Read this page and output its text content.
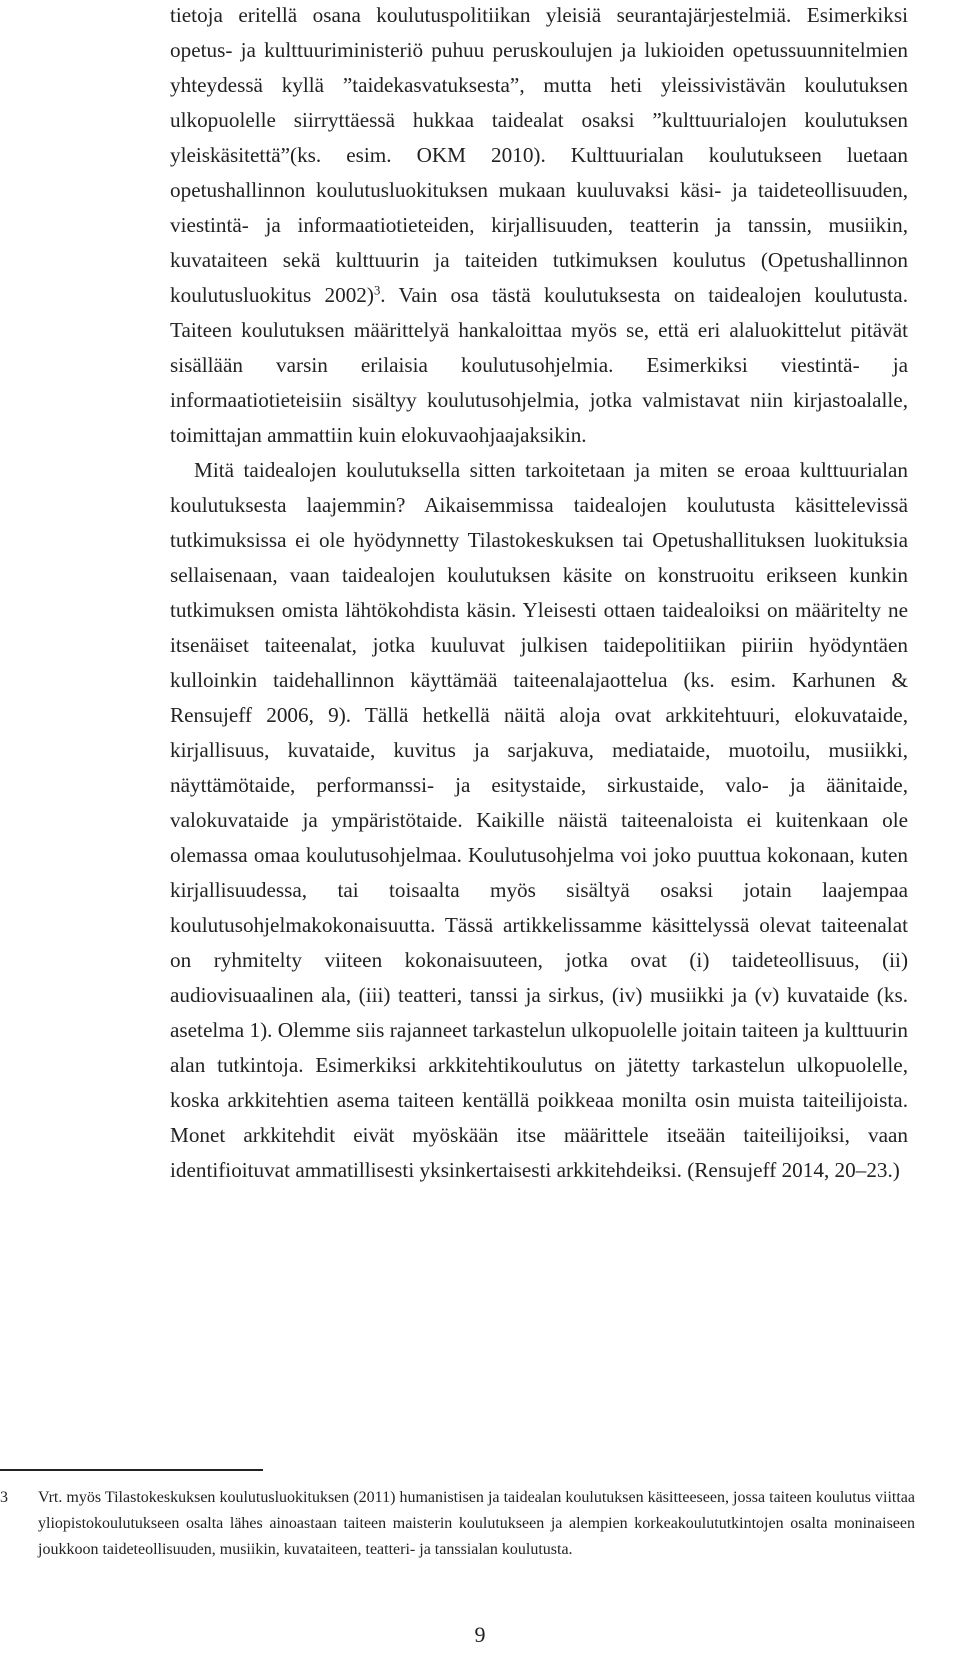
tietoja eritellä osana koulutuspolitiikan yleisiä seurantajärjestelmiä. Esimerkiksi opetus- ja kulttuuriministeriö puhuu peruskoulujen ja lukioiden opetussuunnitelmien yhteydessä kyllä ”taidekasvatuksesta”, mutta heti yleissivistävän koulutuksen ulkopuolelle siirryttäessä hukkaa taidealat osaksi ”kulttuurialojen koulutuksen yleiskäsitettä”(ks. esim. OKM 2010). Kulttuurialan koulutukseen luetaan opetushallinnon koulutusluokituksen mukaan kuuluvaksi käsi- ja taideteollisuuden, viestintä- ja informaatiotieteiden, kirjallisuuden, teatterin ja tanssin, musiikin, kuvataiteen sekä kulttuurin ja taiteiden tutkimuksen koulutus (Opetushallinnon koulutusluokitus 2002)$^3$. Vain osa tästä koulutuksesta on taidealojen koulutusta. Taiteen koulutuksen määrittelyä hankaloittaa myös se, että eri alaluokittelut pitävät sisällään varsin erilaisia koulutusohjelmia. Esimerkiksi viestintä- ja informaatiotieteisiin sisältyy koulutusohjelmia, jotka valmistavat niin kirjastoalalle, toimittajan ammattiin kuin elokuvaohjaajaksikin.

Mitä taidealojen koulutuksella sitten tarkoitetaan ja miten se eroaa kulttuurialan koulutuksesta laajemmin? Aikaisemmissa taidealojen koulutusta käsittelevissä tutkimuksissa ei ole hyödynnetty Tilastokeskuksen tai Opetushallituksen luokituksia sellaisenaan, vaan taidealojen koulutuksen käsite on konstruoitu erikseen kunkin tutkimuksen omista lähtökohdista käsin. Yleisesti ottaen taidealoiksi on määritelty ne itsenäiset taiteenalat, jotka kuuluvat julkisen taidepolitiikan piiriin hyödyntäen kulloinkin taidehallinnon käyttämää taiteenalajaottelua (ks. esim. Karhunen & Rensujeff 2006, 9). Tällä hetkellä näitä aloja ovat arkkitehtuuri, elokuvataide, kirjallisuus, kuvataide, kuvitus ja sarjakuva, mediataide, muotoilu, musiikki, näyttämötaide, performanssi- ja esitystaide, sirkustaide, valo- ja äänitaide, valokuvataide ja ympäristötaide. Kaikille näistä taiteenaloista ei kuitenkaan ole olemassa omaa koulutusohjelmaa. Koulutusohjelma voi joko puuttua kokonaan, kuten kirjallisuudessa, tai toisaalta myös sisältyä osaksi jotain laajempaa koulutusohjelmakokonaisuutta. Tässä artikkelissamme käsittelyssä olevat taiteenalat on ryhmitelty viiteen kokonaisuuteen, jotka ovat (i) taideteollisuus, (ii) audiovisuaalinen ala, (iii) teatteri, tanssi ja sirkus, (iv) musiikki ja (v) kuvataide (ks. asetelma 1). Olemme siis rajanneet tarkastelun ulkopuolelle joitain taiteen ja kulttuurin alan tutkintoja. Esimerkiksi arkkitehtikoulutus on jätetty tarkastelun ulkopuolelle, koska arkkitehtien asema taiteen kentällä poikkeaa monilta osin muista taiteilijoista. Monet arkkitehdit eivät myöskään itse määrittele itseään taiteilijoiksi, vaan identifioituvat ammatillisesti yksinkertaisesti arkkitehdeiksi. (Rensujeff 2014, 20–23.)

3	Vrt. myös Tilastokeskuksen koulutusluokituksen (2011) humanistisen ja taidealan koulutuksen käsitteeseen, jossa taiteen koulutus viittaa yliopistokoulutukseen osalta lähes ainoastaan taiteen maisterin koulutukseen ja alempien korkeakoulututkintojen osalta moninaiseen joukkoon taideteollisuuden, musiikin, kuvataiteen, teatteri- ja tanssialan koulutusta.
9
